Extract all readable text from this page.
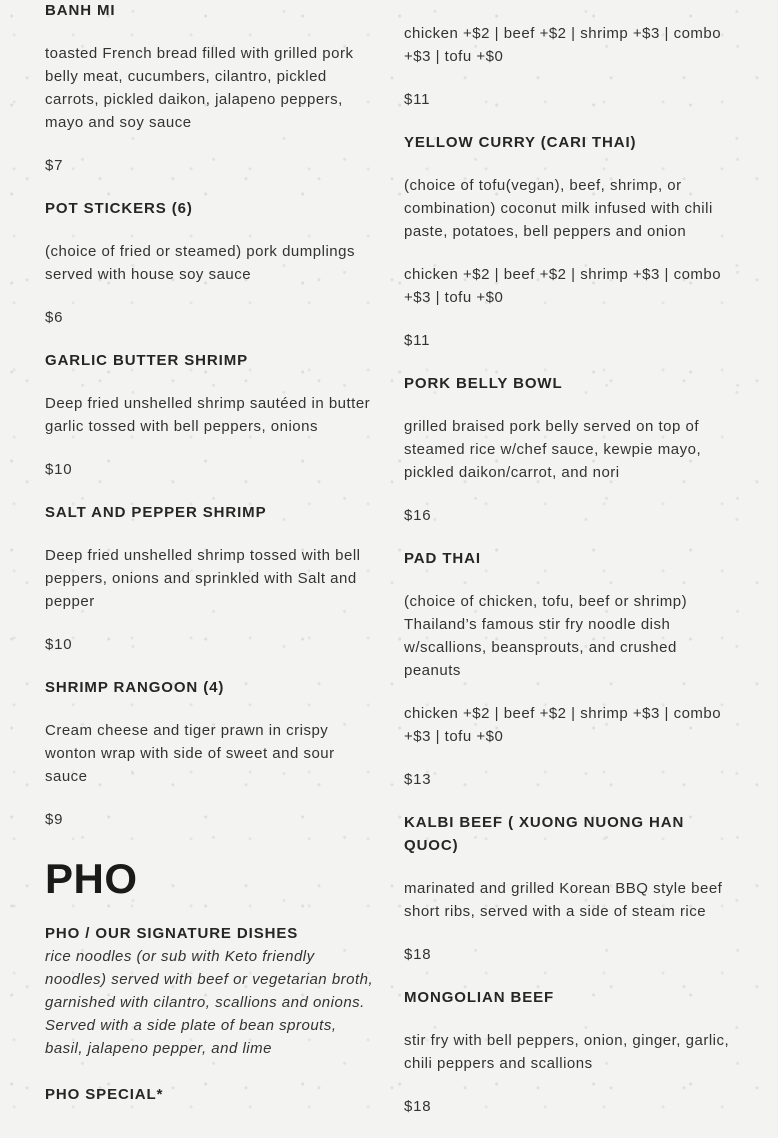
BANH MI
toasted French bread filled with grilled pork belly meat, cucumbers, cilantro, pickled carrots, pickled daikon, jalapeno peppers, mayo and soy sauce
$7
POT STICKERS (6)
(choice of fried or steamed) pork dumplings served with house soy sauce
$6
GARLIC BUTTER SHRIMP
Deep fried unshelled shrimp sautéed in butter garlic tossed with bell peppers, onions
$10
SALT AND PEPPER SHRIMP
Deep fried unshelled shrimp tossed with bell peppers, onions and sprinkled with Salt and pepper
$10
SHRIMP RANGOON (4)
Cream cheese and tiger prawn in crispy wonton wrap with side of sweet and sour sauce
$9
PHO
PHO / OUR SIGNATURE DISHES
rice noodles (or sub with Keto friendly noodles) served with beef or vegetarian broth, garnished with cilantro, scallions and onions. Served with a side plate of bean sprouts, basil, jalapeno pepper, and lime
PHO SPECIAL*
chicken +$2 | beef +$2 | shrimp +$3 | combo +$3 | tofu +$0
$11
YELLOW CURRY (CARI THAI)
(choice of tofu(vegan), beef, shrimp, or combination) coconut milk infused with chili paste, potatoes, bell peppers and onion
chicken +$2 | beef +$2 | shrimp +$3 | combo +$3 | tofu +$0
$11
PORK BELLY BOWL
grilled braised pork belly served on top of steamed rice w/chef sauce, kewpie mayo, pickled daikon/carrot, and nori
$16
PAD THAI
(choice of chicken, tofu, beef or shrimp) Thailand’s famous stir fry noodle dish w/scallions, beansprouts, and crushed peanuts
chicken +$2 | beef +$2 | shrimp +$3 | combo +$3 | tofu +$0
$13
KALBI BEEF ( XUONG NUONG HAN QUOC)
marinated and grilled Korean BBQ style beef short ribs, served with a side of steam rice
$18
MONGOLIAN BEEF
stir fry with bell peppers, onion, ginger, garlic, chili peppers and scallions
$18
